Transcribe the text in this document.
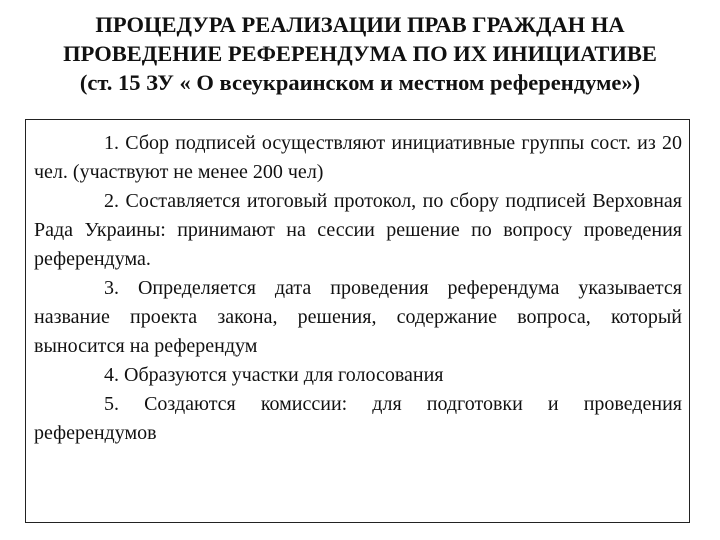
ПРОЦЕДУРА РЕАЛИЗАЦИИ ПРАВ ГРАЖДАН НА
ПРОВЕДЕНИЕ РЕФЕРЕНДУМА ПО ИХ ИНИЦИАТИВЕ
(ст. 15 ЗУ « О всеукраинском и местном референдуме»)

1. Сбор подписей осуществляют инициативные группы сост. из 20 чел. (участвуют не менее 200 чел)

2. Составляется итоговый протокол, по сбору подписей Верховная Рада Украины: принимают на сессии решение по вопросу проведения референдума.

3. Определяется дата проведения референдума указывается название проекта закона, решения, содержание вопроса, который выносится на референдум

4. Образуются участки для голосования

5. Создаются комиссии: для подготовки и проведения референдумов
